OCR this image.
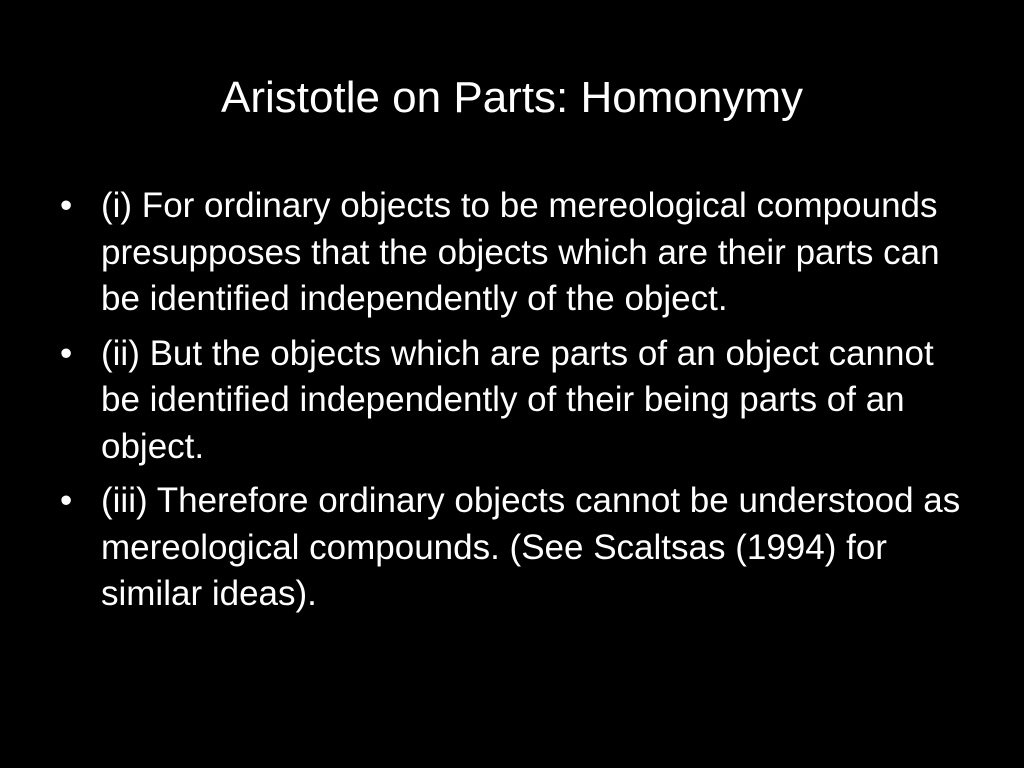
Aristotle on Parts: Homonymy
• (i) For ordinary objects to be mereological compounds presupposes that the objects which are their parts can be identified independently of the object.
• (ii) But the objects which are parts of an object cannot be identified independently of their being parts of an object.
• (iii) Therefore ordinary objects cannot be understood as mereological compounds. (See Scaltsas (1994) for similar ideas).
